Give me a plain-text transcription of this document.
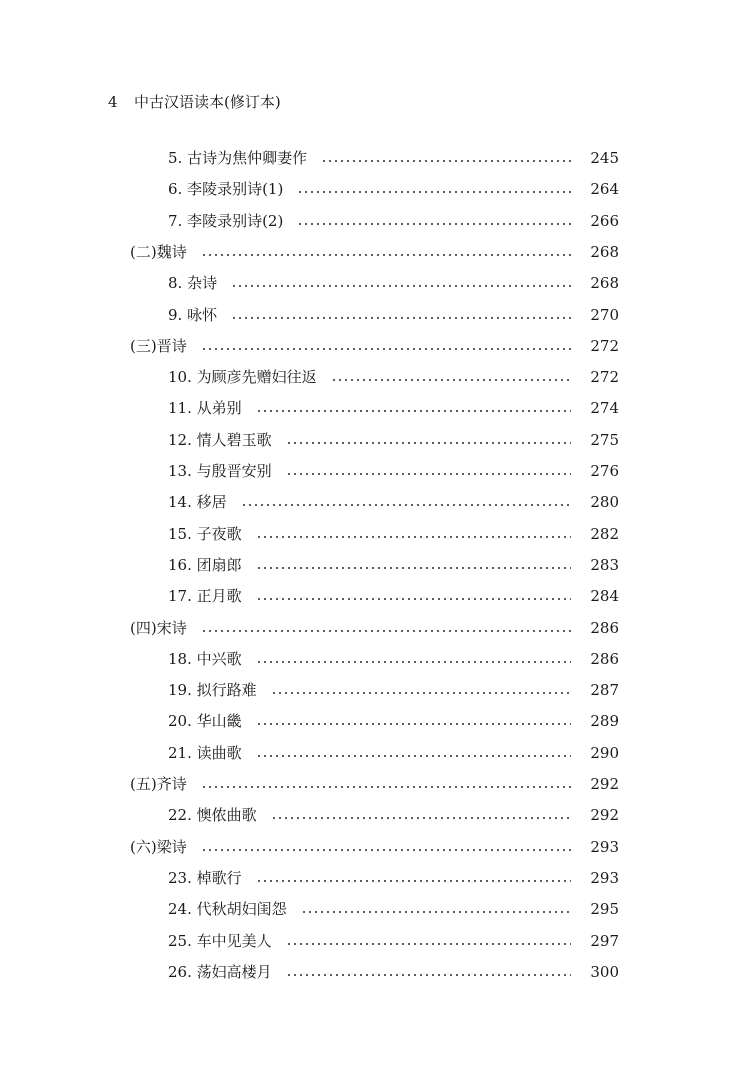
4 中古汉语读本(修订本)
5. 古诗为焦仲卿妻作	245
6. 李陵录别诗(1)	264
7. 李陵录别诗(2)	266
(二)魏诗	268
8. 杂诗	268
9. 咏怀	270
(三)晋诗	272
10. 为顾彦先赠妇往返	272
11. 从弟别	274
12. 情人碧玉歌	275
13. 与殷晋安别	276
14. 移居	280
15. 子夜歌	282
16. 团扇郎	283
17. 正月歌	284
(四)宋诗	286
18. 中兴歌	286
19. 拟行路难	287
20. 华山畿	289
21. 读曲歌	290
(五)齐诗	292
22. 懊侬曲歌	292
(六)梁诗	293
23. 棹歌行	293
24. 代秋胡妇闺怨	295
25. 车中见美人	297
26. 荡妇高楼月	300
